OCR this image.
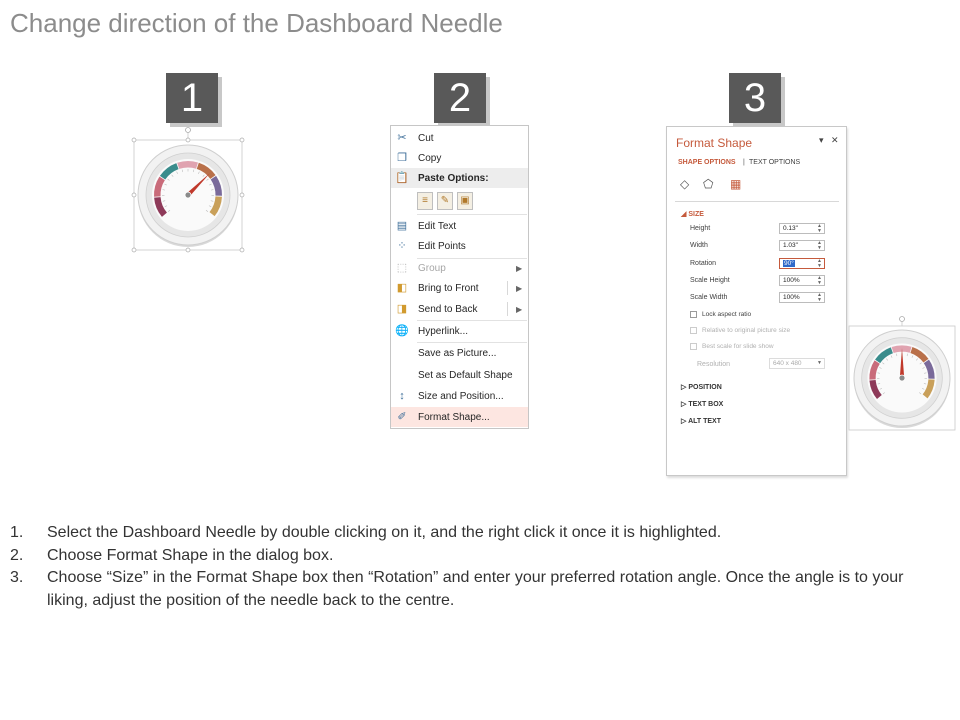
Change direction of the Dashboard Needle
1	2	3
✂ Cut
❐ Copy
📋 Paste Options:
≡	✎	▣
▤ Edit Text
⁘ Edit Points
⬚ Group	▶
◧ Bring to Front	▶
◨ Send to Back	▶
🌐 Hyperlink...
Save as Picture...
Set as Default Shape
↕	Size and Position...
✐ Format Shape...
Format Shape	▾ ✕
SHAPE OPTIONS | TEXT OPTIONS
◇ ⬠ ▦
◢ SIZE
Height	0.13"	▲
▼
Width	1.03"	▲
▼
Rotation	90°	▲
▼
Scale Height	100%	▲
▼
Scale Width	100%	▲
▼
Lock aspect ratio
Relative to original picture size
Best scale for slide show
Resolution	640 x 480	▼
▷ POSITION
▷ TEXT BOX
▷ ALT TEXT
1. Select the Dashboard Needle by double clicking on it, and the right click it once it is highlighted.
2. Choose Format Shape in the dialog box.
3. Choose “Size” in the Format Shape box then “Rotation” and enter your preferred rotation angle. Once the angle is to your liking, adjust the position of the needle back to the centre.
